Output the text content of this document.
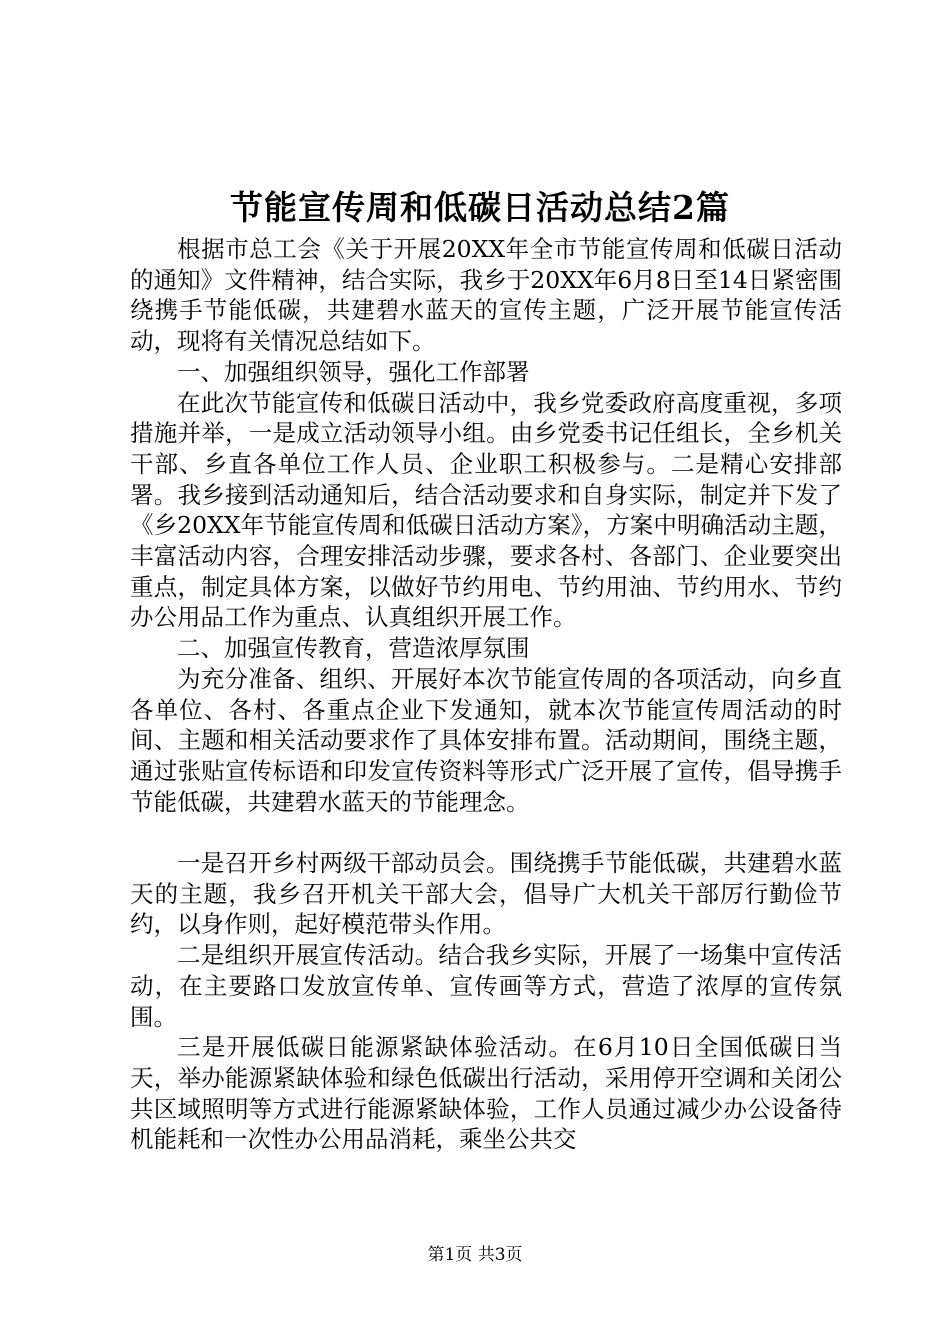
节能宣传周和低碳日活动总结2篇

根据市总工会《关于开展20XX年全市节能宣传周和低碳日活动的通知》文件精神，结合实际，我乡于20XX年6月8日至14日紧密围绕携手节能低碳，共建碧水蓝天的宣传主题，广泛开展节能宣传活动，现将有关情况总结如下。

一、加强组织领导，强化工作部署

在此次节能宣传和低碳日活动中，我乡党委政府高度重视，多项措施并举，一是成立活动领导小组。由乡党委书记任组长，全乡机关干部、乡直各单位工作人员、企业职工积极参与。二是精心安排部署。我乡接到活动通知后，结合活动要求和自身实际，制定并下发了《乡20XX年节能宣传周和低碳日活动方案》，方案中明确活动主题，丰富活动内容，合理安排活动步骤，要求各村、各部门、企业要突出重点，制定具体方案，以做好节约用电、节约用油、节约用水、节约办公用品工作为重点、认真组织开展工作。

二、加强宣传教育，营造浓厚氛围

为充分准备、组织、开展好本次节能宣传周的各项活动，向乡直各单位、各村、各重点企业下发通知，就本次节能宣传周活动的时间、主题和相关活动要求作了具体安排布置。活动期间，围绕主题，通过张贴宣传标语和印发宣传资料等形式广泛开展了宣传，倡导携手节能低碳，共建碧水蓝天的节能理念。

一是召开乡村两级干部动员会。围绕携手节能低碳，共建碧水蓝天的主题，我乡召开机关干部大会，倡导广大机关干部厉行勤俭节约，以身作则，起好模范带头作用。

二是组织开展宣传活动。结合我乡实际，开展了一场集中宣传活动，在主要路口发放宣传单、宣传画等方式，营造了浓厚的宣传氛围。

三是开展低碳日能源紧缺体验活动。在6月10日全国低碳日当天，举办能源紧缺体验和绿色低碳出行活动，采用停开空调和关闭公共区域照明等方式进行能源紧缺体验，工作人员通过减少办公设备待机能耗和一次性办公用品消耗，乘坐公共交

第1页 共3页
